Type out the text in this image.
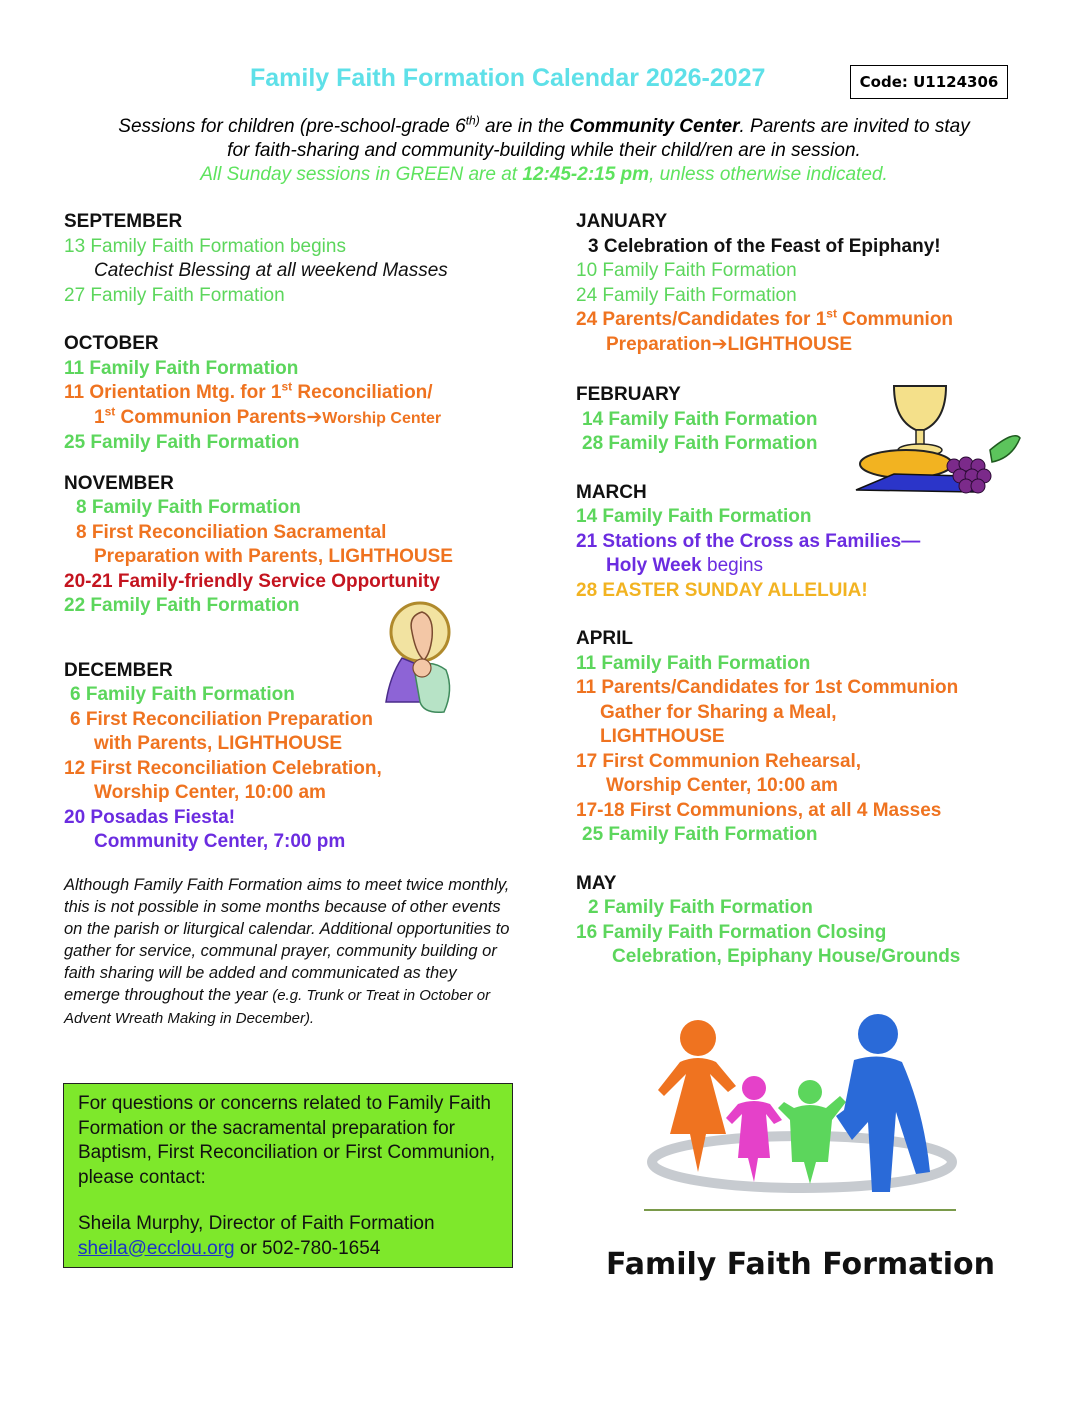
Family Faith Formation Calendar 2026-2027	Code: U1124306
Sessions for children (pre-school-grade $6^{th)}$ are in the Community Center. Parents are invited to stay
for faith-sharing and community-building while their child/ren are in session.
All Sunday sessions in GREEN are at 12:45-2:15 pm, unless otherwise indicated.
SEPTEMBER
13 Family Faith Formation begins
Catechist Blessing at all weekend Masses
27 Family Faith Formation
OCTOBER
11 Family Faith Formation
11 Orientation Mtg. for 1st Reconciliation/
1st Communion Parents➔Worship Center
25 Family Faith Formation
NOVEMBER
8 Family Faith Formation
8 First Reconciliation Sacramental
Preparation with Parents, LIGHTHOUSE
20-21 Family-friendly Service Opportunity
22 Family Faith Formation
DECEMBER
6 Family Faith Formation
6 First Reconciliation Preparation
with Parents, LIGHTHOUSE
12 First Reconciliation Celebration,
Worship Center, 10:00 am
20 Posadas Fiesta!
Community Center, 7:00 pm
Although Family Faith Formation aims to meet twice monthly, this is not possible in some months because of other events on the parish or liturgical calendar. Additional opportunities to gather for service, communal prayer, community building or faith sharing will be added and communicated as they emerge throughout the year (e.g. Trunk or Treat in October or Advent Wreath Making in December).
For questions or concerns related to Family Faith Formation or the sacramental preparation for Baptism, First Reconciliation or First Communion, please contact:
Sheila Murphy, Director of Faith Formation
sheila@ecclou.org or 502-780-1654
JANUARY
3 Celebration of the Feast of Epiphany!
10 Family Faith Formation
24 Family Faith Formation
24 Parents/Candidates for 1st Communion
Preparation➔LIGHTHOUSE
FEBRUARY
14 Family Faith Formation
28 Family Faith Formation
MARCH
14 Family Faith Formation
21 Stations of the Cross as Families—
Holy Week begins
28 EASTER SUNDAY ALLELUIA!
APRIL
11 Family Faith Formation
11 Parents/Candidates for 1st Communion
Gather for Sharing a Meal,
LIGHTHOUSE
17 First Communion Rehearsal,
Worship Center, 10:00 am
17-18 First Communions, at all 4 Masses
25 Family Faith Formation
MAY
2 Family Faith Formation
16 Family Faith Formation Closing
Celebration, Epiphany House/Grounds
Family Faith Formation
